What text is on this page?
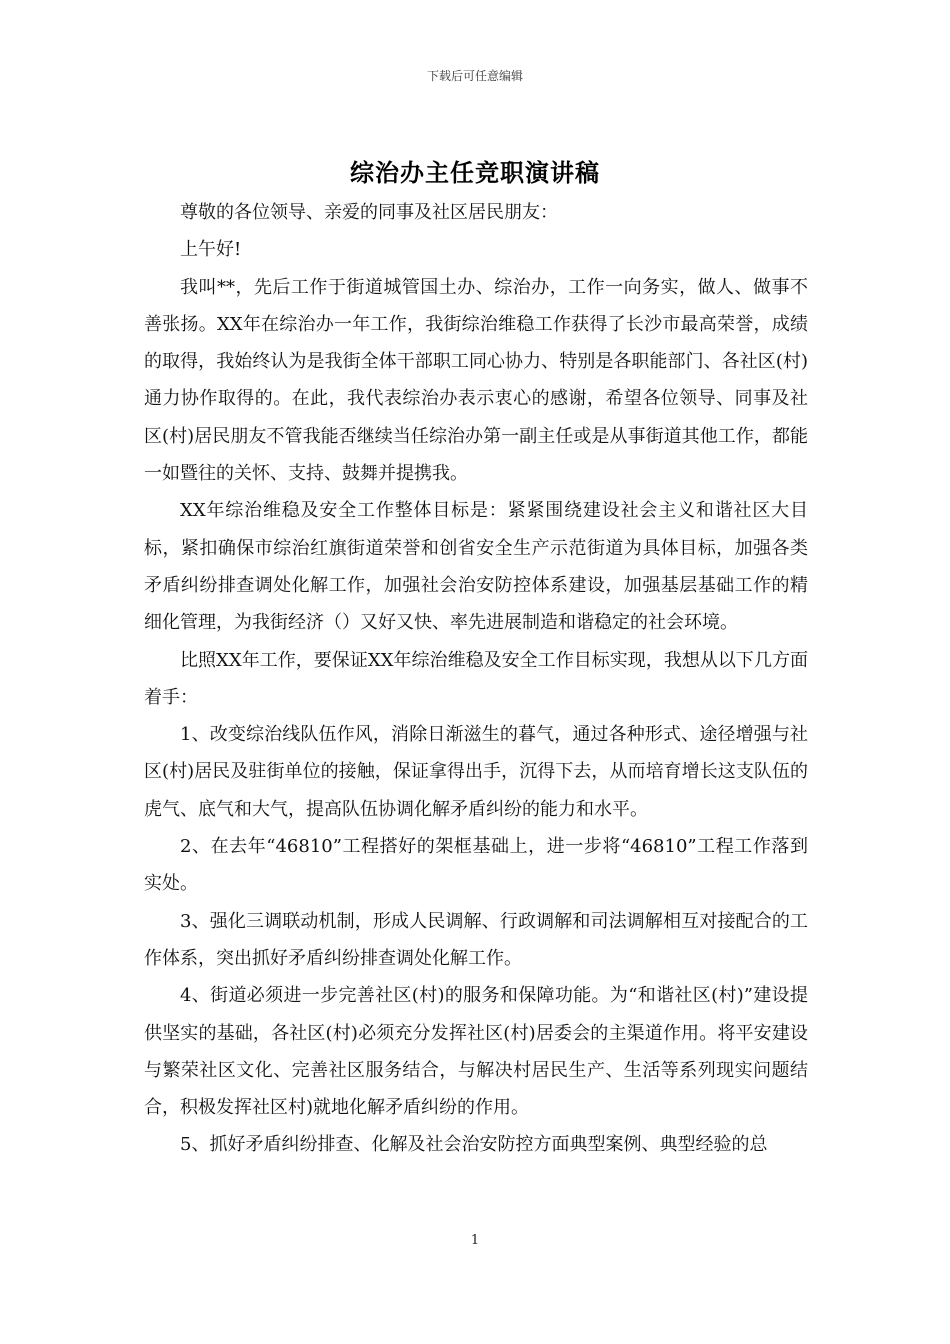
下载后可任意编辑
综治办主任竞职演讲稿

尊敬的各位领导、亲爱的同事及社区居民朋友：

上午好!

我叫**，先后工作于街道城管国土办、综治办，工作一向务实，做人、做事不善张扬。XX年在综治办一年工作，我街综治维稳工作获得了长沙市最高荣誉，成绩的取得，我始终认为是我街全体干部职工同心协力、特别是各职能部门、各社区(村)通力协作取得的。在此，我代表综治办表示衷心的感谢，希望各位领导、同事及社区(村)居民朋友不管我能否继续当任综治办第一副主任或是从事街道其他工作，都能一如暨往的关怀、支持、鼓舞并提携我。

XX年综治维稳及安全工作整体目标是：紧紧围绕建设社会主义和谐社区大目标，紧扣确保市综治红旗街道荣誉和创省安全生产示范街道为具体目标，加强各类矛盾纠纷排查调处化解工作，加强社会治安防控体系建设，加强基层基础工作的精细化管理，为我街经济（）又好又快、率先进展制造和谐稳定的社会环境。

比照XX年工作，要保证XX年综治维稳及安全工作目标实现，我想从以下几方面着手：

1、改变综治线队伍作风，消除日渐滋生的暮气，通过各种形式、途径增强与社区(村)居民及驻街单位的接触，保证拿得出手，沉得下去，从而培育增长这支队伍的虎气、底气和大气，提高队伍协调化解矛盾纠纷的能力和水平。

2、在去年“46810”工程搭好的架框基础上，进一步将“46810”工程工作落到实处。

3、强化三调联动机制，形成人民调解、行政调解和司法调解相互对接配合的工作体系，突出抓好矛盾纠纷排查调处化解工作。

4、街道必须进一步完善社区(村)的服务和保障功能。为“和谐社区(村)”建设提供坚实的基础，各社区(村)必须充分发挥社区(村)居委会的主渠道作用。将平安建设与繁荣社区文化、完善社区服务结合，与解决村居民生产、生活等系列现实问题结合，积极发挥社区村)就地化解矛盾纠纷的作用。

5、抓好矛盾纠纷排查、化解及社会治安防控方面典型案例、典型经验的总

1
